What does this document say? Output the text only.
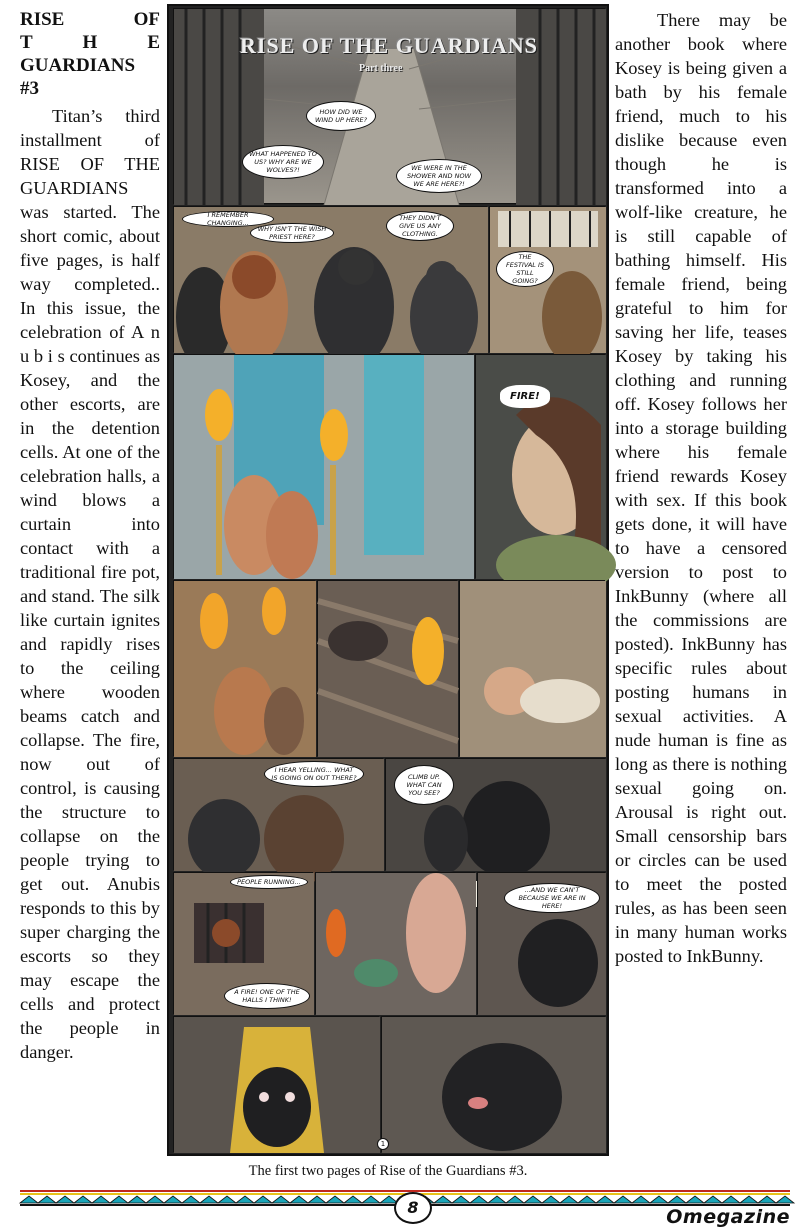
RISE OF
T H E
GUARDIANS
#3

Titan’s third installment of RISE OF THE GUARDIANS was started. The short comic, about five pages, is half way completed.. In this issue, the celebration of A n u b i s continues as Kosey, and the other escorts, are in the detention cells. At one of the celebration halls, a wind blows a curtain into contact with a traditional fire pot, and stand. The silk like curtain ignites and rapidly rises to the ceiling where wooden beams catch and collapse. The fire, now out of control, is causing the structure to collapse on the people trying to get out. Anubis responds to this by super charging the escorts so they may escape the cells and protect the people in danger.

RISE OF THE GUARDIANS
Part three
HOW DID WE WIND UP HERE?
WHAT HAPPENED TO US? WHY ARE WE WOLVES?!	WE WERE IN THE SHOWER AND NOW WE ARE HERE?!
I REMEMBER CHANGING...
WHY ISN'T THE WISH PRIEST HERE?
THEY DIDN'T GIVE US ANY CLOTHING.
THE FESTIVAL IS STILL GOING?
FIRE!
I HEAR YELLING... WHAT IS GOING ON OUT THERE?	CLIMB UP. WHAT CAN YOU SEE?
PEOPLE RUNNING...
A FIRE! ONE OF THE HALLS I THINK!
...AND WE CAN'T BECAUSE WE ARE IN HERE!
1

There may be another book where Kosey is being given a bath by his female friend, much to his dislike because even though he is transformed into a wolf-like creature, he is still capable of bathing himself. His female friend, being grateful to him for saving her life, teases Kosey by taking his clothing and running off. Kosey follows her into a storage building where his female friend rewards Kosey with sex. If this book gets done, it will have to have a censored version to post to InkBunny (where all the commissions are posted). InkBunny has specific rules about posting humans in sexual activities. A nude human is fine as long as there is nothing sexual going on. Arousal is right out. Small censorship bars or circles can be used to meet the posted rules, as has been seen in many human works posted to InkBunny.

The first two pages of Rise of the Guardians #3.
8	Omegazine
